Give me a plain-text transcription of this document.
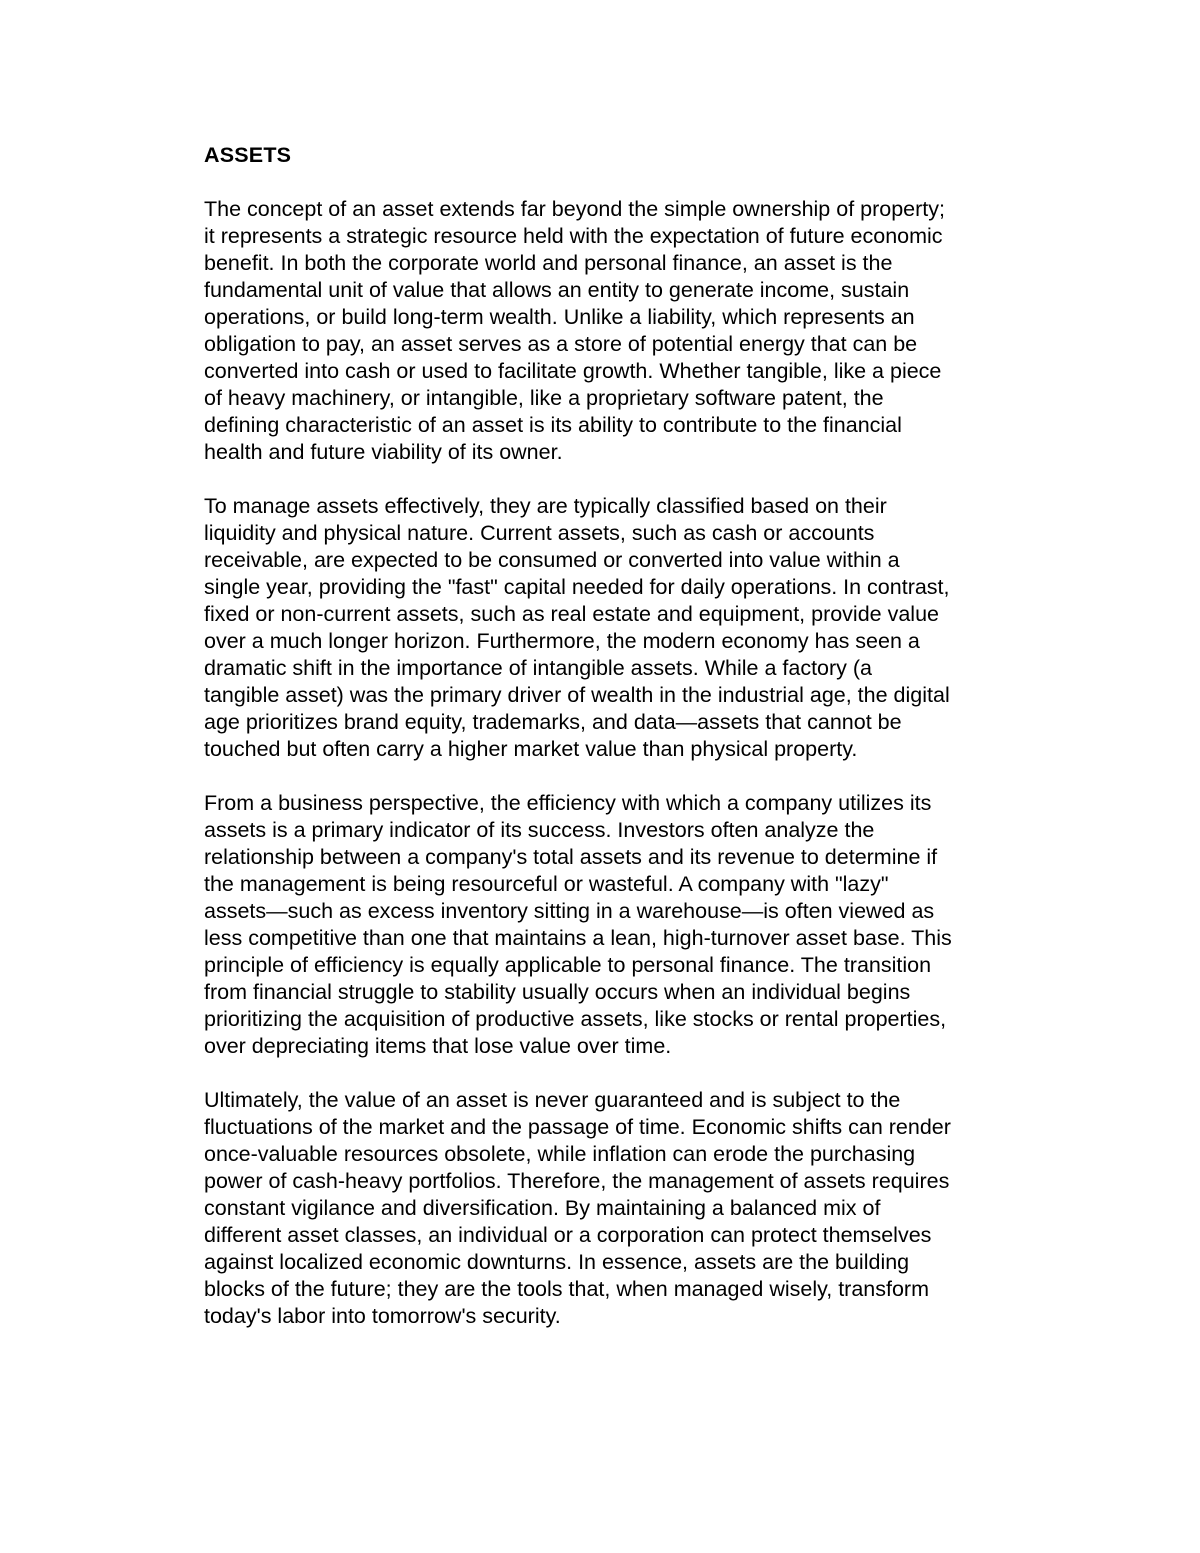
ASSETS
The concept of an asset extends far beyond the simple ownership of property;
it represents a strategic resource held with the expectation of future economic
benefit. In both the corporate world and personal finance, an asset is the
fundamental unit of value that allows an entity to generate income, sustain
operations, or build long-term wealth. Unlike a liability, which represents an
obligation to pay, an asset serves as a store of potential energy that can be
converted into cash or used to facilitate growth. Whether tangible, like a piece
of heavy machinery, or intangible, like a proprietary software patent, the
defining characteristic of an asset is its ability to contribute to the financial
health and future viability of its owner.
To manage assets effectively, they are typically classified based on their
liquidity and physical nature. Current assets, such as cash or accounts
receivable, are expected to be consumed or converted into value within a
single year, providing the "fast" capital needed for daily operations. In contrast,
fixed or non-current assets, such as real estate and equipment, provide value
over a much longer horizon. Furthermore, the modern economy has seen a
dramatic shift in the importance of intangible assets. While a factory (a
tangible asset) was the primary driver of wealth in the industrial age, the digital
age prioritizes brand equity, trademarks, and data—assets that cannot be
touched but often carry a higher market value than physical property.
From a business perspective, the efficiency with which a company utilizes its
assets is a primary indicator of its success. Investors often analyze the
relationship between a company's total assets and its revenue to determine if
the management is being resourceful or wasteful. A company with "lazy"
assets—such as excess inventory sitting in a warehouse—is often viewed as
less competitive than one that maintains a lean, high-turnover asset base. This
principle of efficiency is equally applicable to personal finance. The transition
from financial struggle to stability usually occurs when an individual begins
prioritizing the acquisition of productive assets, like stocks or rental properties,
over depreciating items that lose value over time.
Ultimately, the value of an asset is never guaranteed and is subject to the
fluctuations of the market and the passage of time. Economic shifts can render
once-valuable resources obsolete, while inflation can erode the purchasing
power of cash-heavy portfolios. Therefore, the management of assets requires
constant vigilance and diversification. By maintaining a balanced mix of
different asset classes, an individual or a corporation can protect themselves
against localized economic downturns. In essence, assets are the building
blocks of the future; they are the tools that, when managed wisely, transform
today's labor into tomorrow's security.
